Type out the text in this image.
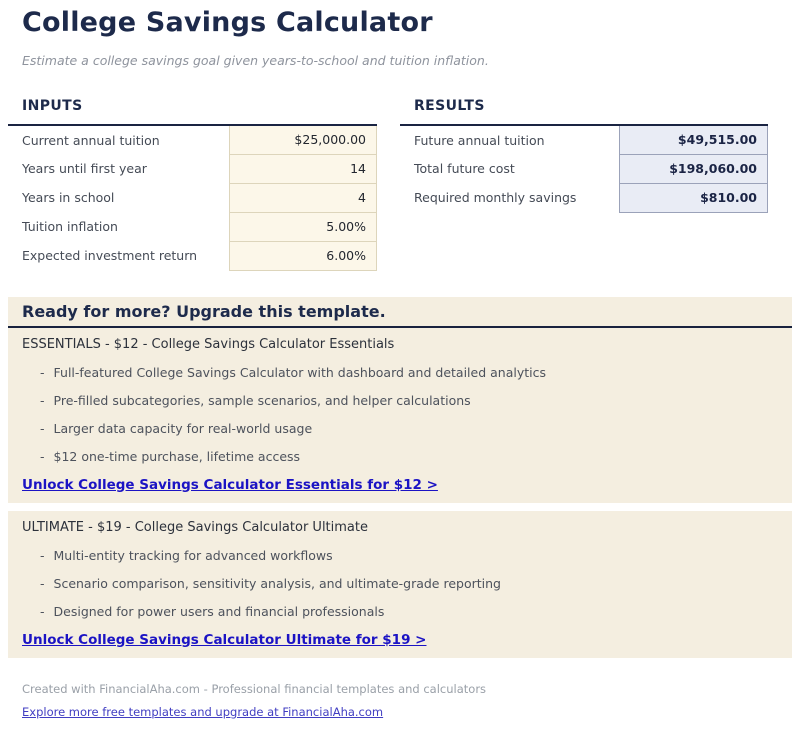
College Savings Calculator
Estimate a college savings goal given years-to-school and tuition inflation.
INPUTS
Current annual tuition	$25,000.00
Years until first year	14
Years in school	4
Tuition inflation	5.00%
Expected investment return	6.00%
RESULTS
Future annual tuition	$49,515.00
Total future cost	$198,060.00
Required monthly savings	$810.00
Ready for more? Upgrade this template.
ESSENTIALS - $12 - College Savings Calculator Essentials
- Full-featured College Savings Calculator with dashboard and detailed analytics
- Pre-filled subcategories, sample scenarios, and helper calculations
- Larger data capacity for real-world usage
- $12 one-time purchase, lifetime access
Unlock College Savings Calculator Essentials for $12 >
ULTIMATE - $19 - College Savings Calculator Ultimate
- Multi-entity tracking for advanced workflows
- Scenario comparison, sensitivity analysis, and ultimate-grade reporting
- Designed for power users and financial professionals
Unlock College Savings Calculator Ultimate for $19 >
Created with FinancialAha.com - Professional financial templates and calculators
Explore more free templates and upgrade at FinancialAha.com
